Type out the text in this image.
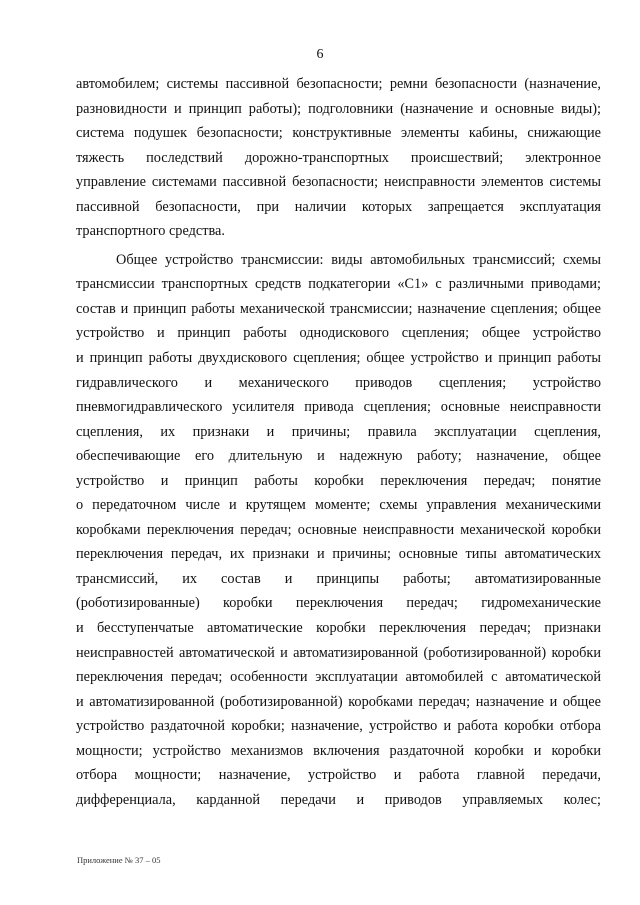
6
автомобилем; системы пассивной безопасности; ремни безопасности (назначение,
разновидности и принцип работы); подголовники (назначение и основные виды);
система подушек безопасности; конструктивные элементы кабины, снижающие
тяжесть последствий дорожно-транспортных происшествий; электронное
управление системами пассивной безопасности; неисправности элементов системы
пассивной безопасности, при наличии которых запрещается эксплуатация
транспортного средства.
Общее устройство трансмиссии: виды автомобильных трансмиссий; схемы
трансмиссии транспортных средств подкатегории «С1» с различными приводами;
состав и принцип работы механической трансмиссии; назначение сцепления; общее
устройство и принцип работы однодискового сцепления; общее устройство
и принцип работы двухдискового сцепления; общее устройство и принцип работы
гидравлического и механического приводов сцепления; устройство
пневмогидравлического усилителя привода сцепления; основные неисправности
сцепления, их признаки и причины; правила эксплуатации сцепления,
обеспечивающие его длительную и надежную работу; назначение, общее
устройство и принцип работы коробки переключения передач; понятие
о передаточном числе и крутящем моменте; схемы управления механическими
коробками переключения передач; основные неисправности механической коробки
переключения передач, их признаки и причины; основные типы автоматических
трансмиссий, их состав и принципы работы; автоматизированные
(роботизированные) коробки переключения передач; гидромеханические
и бесступенчатые автоматические коробки переключения передач; признаки
неисправностей автоматической и автоматизированной (роботизированной) коробки
переключения передач; особенности эксплуатации автомобилей с автоматической
и автоматизированной (роботизированной) коробками передач; назначение и общее
устройство раздаточной коробки; назначение, устройство и работа коробки отбора
мощности; устройство механизмов включения раздаточной коробки и коробки
отбора мощности; назначение, устройство и работа главной передачи,
дифференциала, карданной передачи и приводов управляемых колес;
Приложение № 37 – 05
